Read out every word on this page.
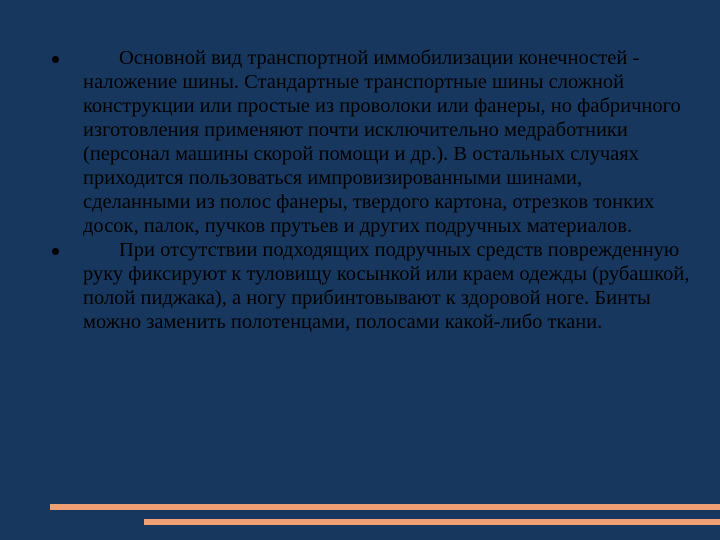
Основной вид транспортной иммобилизации конечностей - наложение шины. Стандартные транспортные шины сложной конструкции или простые из проволоки или фанеры, но фабричного изготовления применяют почти исключительно медработники (персонал машины скорой помощи и др.). В остальных случаях приходится пользоваться импровизированными шинами, сделанными из полос фанеры, твердого картона, отрезков тонких досок, палок, пучков прутьев и других подручных материалов.
При отсутствии подходящих подручных средств поврежденную руку фиксируют к туловищу косынкой или краем одежды (рубашкой, полой пиджака), а ногу прибинтовывают к здоровой ноге. Бинты можно заменить полотенцами, полосами какой-либо ткани.
